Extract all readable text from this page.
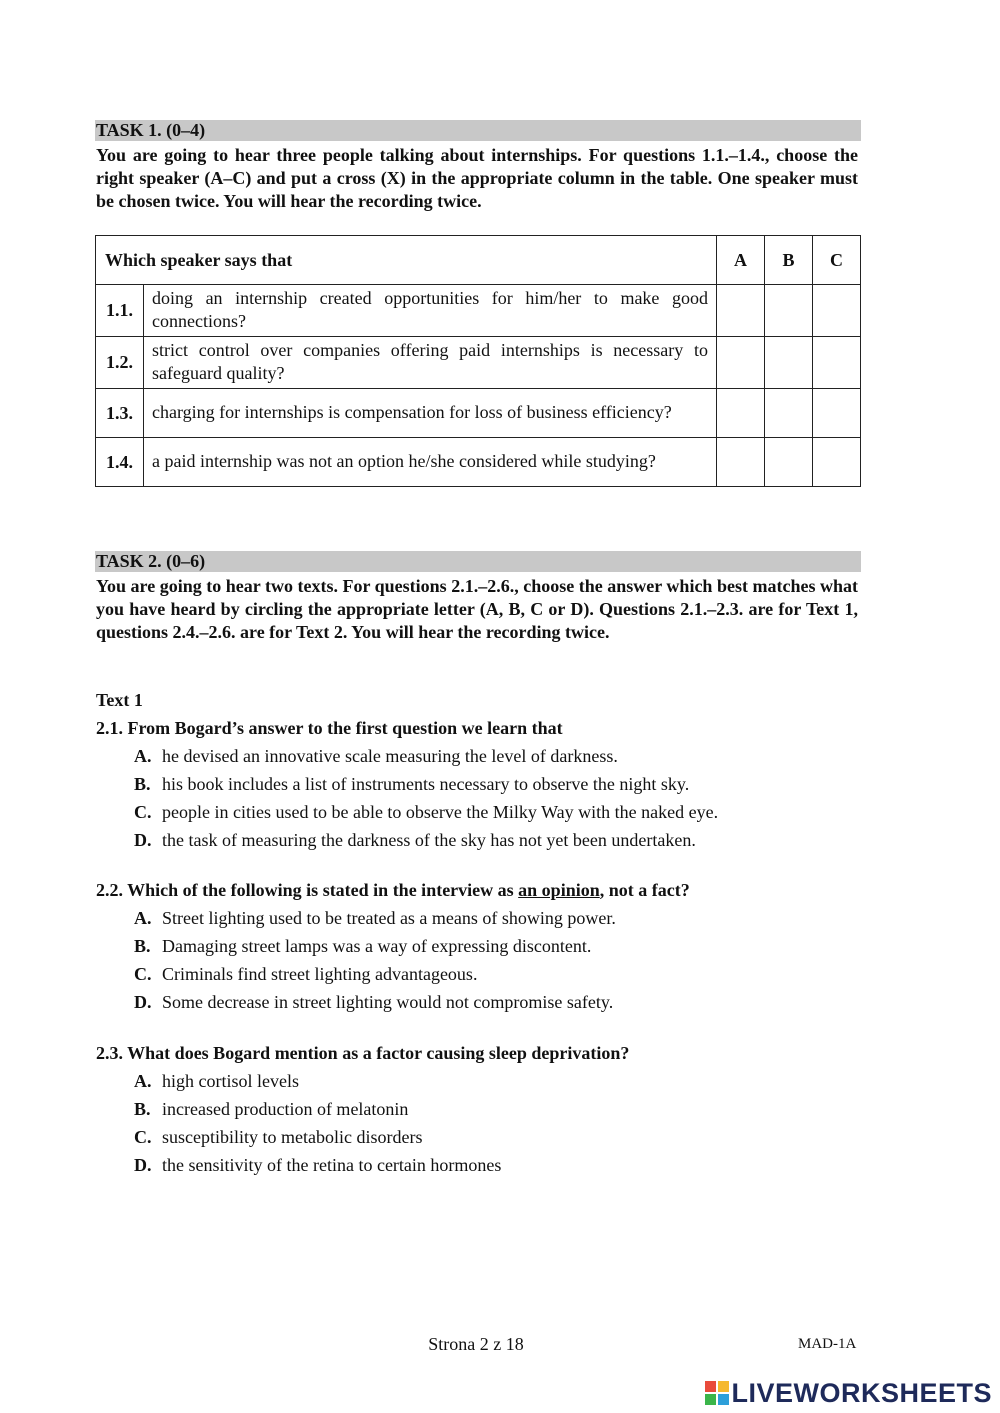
TASK 1. (0–4)
You are going to hear three people talking about internships. For questions 1.1.–1.4., choose the right speaker (A–C) and put a cross (X) in the appropriate column in the table. One speaker must be chosen twice. You will hear the recording twice.
Which speaker says that		A	B	C
1.1.	doing an internship created opportunities for him/her to make good connections?			
1.2.	strict control over companies offering paid internships is necessary to safeguard quality?			
1.3.	charging for internships is compensation for loss of business efficiency?			
1.4.	a paid internship was not an option he/she considered while studying?			
TASK 2. (0–6)
You are going to hear two texts. For questions 2.1.–2.6., choose the answer which best matches what you have heard by circling the appropriate letter (A, B, C or D). Questions 2.1.–2.3. are for Text 1, questions 2.4.–2.6. are for Text 2. You will hear the recording twice.
Text 1
2.1. From Bogard’s answer to the first question we learn that
A. he devised an innovative scale measuring the level of darkness.
B. his book includes a list of instruments necessary to observe the night sky.
C. people in cities used to be able to observe the Milky Way with the naked eye.
D. the task of measuring the darkness of the sky has not yet been undertaken.
2.2. Which of the following is stated in the interview as an opinion, not a fact?
A. Street lighting used to be treated as a means of showing power.
B. Damaging street lamps was a way of expressing discontent.
C. Criminals find street lighting advantageous.
D. Some decrease in street lighting would not compromise safety.
2.3. What does Bogard mention as a factor causing sleep deprivation?
A. high cortisol levels
B. increased production of melatonin
C. susceptibility to metabolic disorders
D. the sensitivity of the retina to certain hormones
Strona 2 z 18	MAD-1A
LIVEWORKSHEETS
